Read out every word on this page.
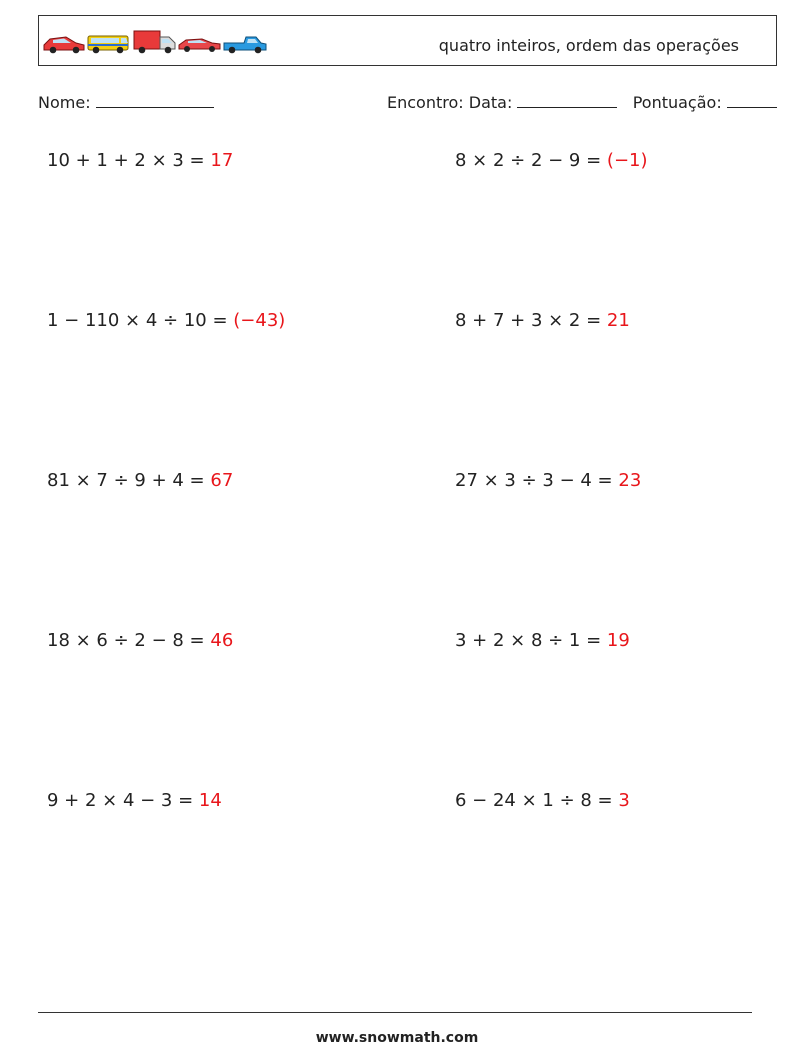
quatro inteiros, ordem das operações
Nome:	Encontro: Data:	Pontuação:
10 + 1 + 2 × 3 = 17	8 × 2 ÷ 2 − 9 = (−1)
1 − 110 × 4 ÷ 10 = (−43)	8 + 7 + 3 × 2 = 21
81 × 7 ÷ 9 + 4 = 67	27 × 3 ÷ 3 − 4 = 23
18 × 6 ÷ 2 − 8 = 46	3 + 2 × 8 ÷ 1 = 19
9 + 2 × 4 − 3 = 14	6 − 24 × 1 ÷ 8 = 3
www.snowmath.com
